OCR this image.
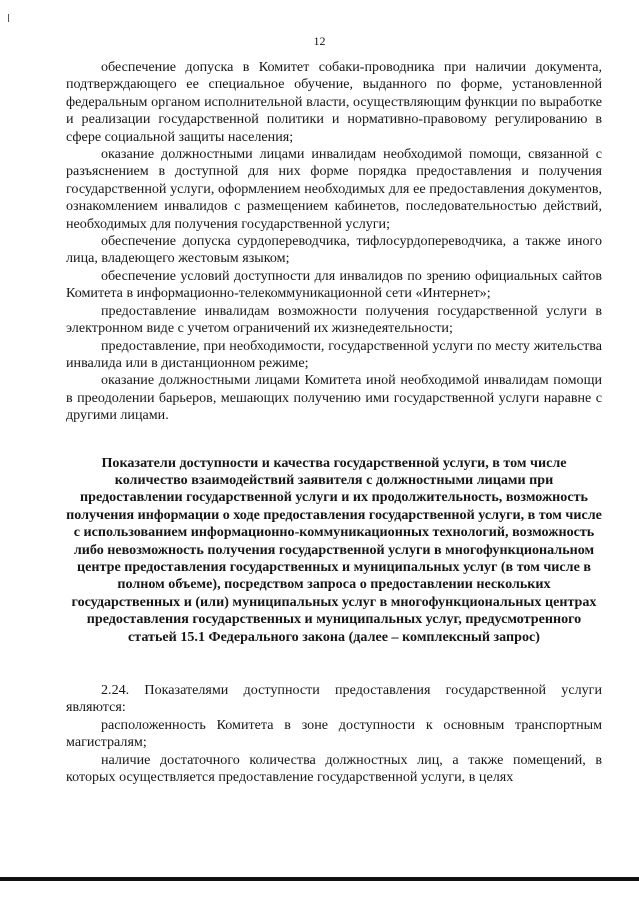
12

обеспечение допуска в Комитет собаки-проводника при наличии документа, подтверждающего ее специальное обучение, выданного по форме, установленной федеральным органом исполнительной власти, осуществляющим функции по выработке и реализации государственной политики и нормативно-правовому регулированию в сфере социальной защиты населения;

оказание должностными лицами инвалидам необходимой помощи, связанной с разъяснением в доступной для них форме порядка предоставления и получения государственной услуги, оформлением необходимых для ее предоставления документов, ознакомлением инвалидов с размещением кабинетов, последовательностью действий, необходимых для получения государственной услуги;

обеспечение допуска сурдопереводчика, тифлосурдопереводчика, а также иного лица, владеющего жестовым языком;

обеспечение условий доступности для инвалидов по зрению официальных сайтов Комитета в информационно-телекоммуникационной сети «Интернет»;

предоставление инвалидам возможности получения государственной услуги в электронном виде с учетом ограничений их жизнедеятельности;

предоставление, при необходимости, государственной услуги по месту жительства инвалида или в дистанционном режиме;

оказание должностными лицами Комитета иной необходимой инвалидам помощи в преодолении барьеров, мешающих получению ими государственной услуги наравне с другими лицами.

Показатели доступности и качества государственной услуги, в том числе количество взаимодействий заявителя с должностными лицами при предоставлении государственной услуги и их продолжительность, возможность получения информации о ходе предоставления государственной услуги, в том числе с использованием информационно-коммуникационных технологий, возможность либо невозможность получения государственной услуги в многофункциональном центре предоставления государственных и муниципальных услуг (в том числе в полном объеме), посредством запроса о предоставлении нескольких государственных и (или) муниципальных услуг в многофункциональных центрах предоставления государственных и муниципальных услуг, предусмотренного статьей 15.1 Федерального закона (далее – комплексный запрос)

2.24. Показателями доступности предоставления государственной услуги являются:

расположенность Комитета в зоне доступности к основным транспортным магистралям;

наличие достаточного количества должностных лиц, а также помещений, в которых осуществляется предоставление государственной услуги, в целях
